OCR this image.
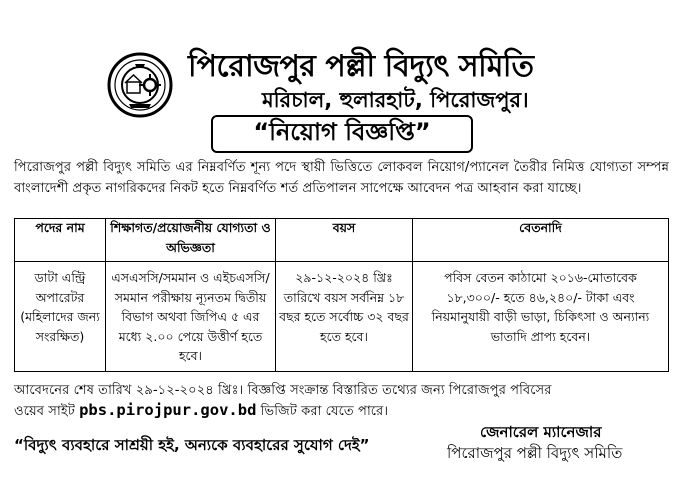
পিরোজপুর পল্লী বিদ্যুৎ সমিতি
মরিচাল, হুলারহাট, পিরোজপুর।
“নিয়োগ বিজ্ঞপ্তি”
পিরোজপুর পল্লী বিদ্যুৎ সমিতি এর নিম্নবর্ণিত শূন্য পদে স্থায়ী ভিত্তিতে লোকবল নিয়োগ/প্যানেল তৈরীর নিমিত্ত যোগ্যতা সম্পন্ন বাংলাদেশী প্রকৃত নাগরিকদের নিকট হতে নিম্নবর্ণিত শর্ত প্রতিপালন সাপেক্ষে আবেদন পত্র আহবান করা যাচ্ছে।
পদের নাম	শিক্ষাগত/প্রয়োজনীয় যোগ্যতা ও অভিজ্ঞতা	বয়স	বেতনাদি
ডাটা এন্ট্রি অপারেটর (মহিলাদের জন্য সংরক্ষিত)	এসএসসি/সমমান ও এইচএসসি/সমমান পরীক্ষায় ন্যূনতম দ্বিতীয় বিভাগ অথবা জিপিএ ৫ এর মধ্যে ২.০০ পেয়ে উত্তীর্ণ হতে হবে।	২৯-১২-২০২৪ খ্রিঃ তারিখে বয়স সর্বনিম্ন ১৮ বছর হতে সর্বোচ্চ ৩২ বছর হতে হবে।	পবিস বেতন কাঠামো ২০১৬-মোতাবেক ১৮,৩০০/- হতে ৪৬,২৪০/- টাকা এবং নিয়মানুযায়ী বাড়ী ভাড়া, চিকিৎসা ও অন্যান্য ভাতাদি প্রাপ্য হবেন।
আবেদনের শেষ তারিখ ২৯-১২-২০২৪ খ্রিঃ। বিজ্ঞপ্তি সংক্রান্ত বিস্তারিত তথ্যের জন্য পিরোজপুর পবিসের
ওয়েব সাইট pbs.pirojpur.gov.bd ভিজিট করা যেতে পারে।
“বিদ্যুৎ ব্যবহারে সাশ্রয়ী হই, অন্যকে ব্যবহারের সুযোগ দেই”
জেনারেল ম্যানেজার
পিরোজপুর পল্লী বিদ্যুৎ সমিতি
